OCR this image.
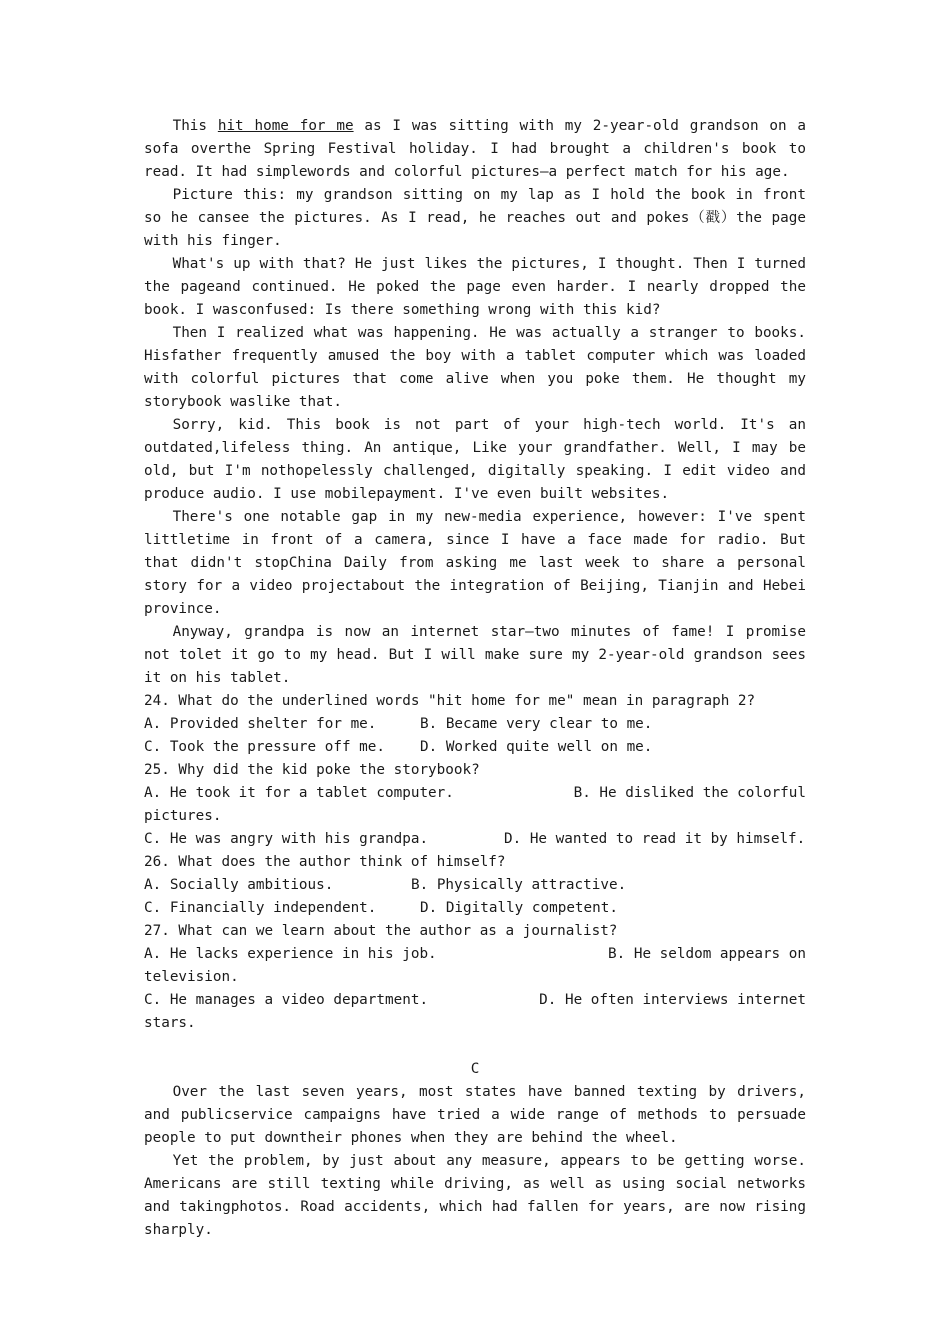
This hit home for me as I was sitting with my 2-year-old grandson on a sofa overthe Spring Festival holiday. I had brought a children's book to read. It had simplewords and colorful pictures—a perfect match for his age.

Picture this: my grandson sitting on my lap as I hold the book in front so he cansee the pictures. As I read, he reaches out and pokes（戳）the page with his finger.

What's up with that? He just likes the pictures, I thought. Then I turned the pageand continued. He poked the page even harder. I nearly dropped the book. I wasconfused: Is there something wrong with this kid?

Then I realized what was happening. He was actually a stranger to books. Hisfather frequently amused the boy with a tablet computer which was loaded with colorful pictures that come alive when you poke them. He thought my storybook waslike that.

Sorry, kid. This book is not part of your high-tech world. It's an outdated,lifeless thing. An antique, Like your grandfather. Well, I may be old, but I'm nothopelessly challenged, digitally speaking. I edit video and produce audio. I use mobilepayment. I've even built websites.

There's one notable gap in my new-media experience, however: I've spent littletime in front of a camera, since I have a face made for radio. But that didn't stopChina Daily from asking me last week to share a personal story for a video projectabout the integration of Beijing, Tianjin and Hebei province.

Anyway, grandpa is now an internet star—two minutes of fame! I promise not tolet it go to my head. But I will make sure my 2-year-old grandson sees it on his tablet.

24. What do the underlined words "hit home for me" mean in paragraph 2?

A. Provided shelter for me.	B. Became very clear to me.
C. Took the pressure off me.	D. Worked quite well on me.

25. Why did the kid poke the storybook?

A. He took it for a tablet computer.	B. He disliked the colorful

pictures.

C. He was angry with his grandpa.	D. He wanted to read it by himself.

26. What does the author think of himself?

A. Socially ambitious.	B. Physically attractive.
C. Financially independent.	D. Digitally competent.

27. What can we learn about the author as a journalist?

A. He lacks experience in his job.	B. He seldom appears on

television.

C. He manages a video department.	D. He often interviews internet

stars.

C

Over the last seven years, most states have banned texting by drivers, and publicservice campaigns have tried a wide range of methods to persuade people to put downtheir phones when they are behind the wheel.

Yet the problem, by just about any measure, appears to be getting worse. Americans are still texting while driving, as well as using social networks and takingphotos. Road accidents, which had fallen for years, are now rising sharply.
